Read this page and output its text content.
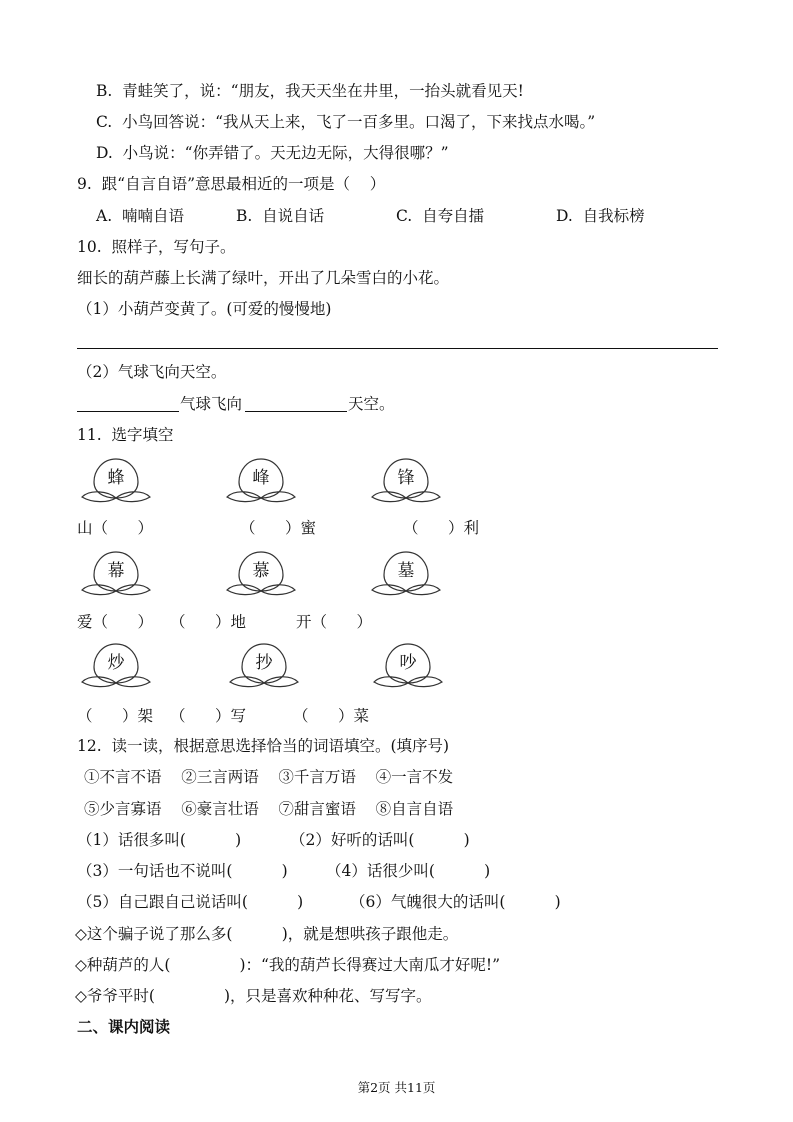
B.  青蛙笑了，说：“朋友，我天天坐在井里，一抬头就看见天!
C.  小鸟回答说：“我从天上来，飞了一百多里。口渴了，下来找点水喝。”
D.  小鸟说：“你弄错了。天无边无际，大得很哪？”
9.  跟“自言自语”意思最相近的一项是（    ）
A.  喃喃自语	B.  自说自话	C.  自夸自擂	D.  自我标榜
10.  照样子，写句子。
细长的葫芦藤上长满了绿叶，开出了几朵雪白的小花。
（1）小葫芦变黄了。(可爱的慢慢地)
（2）气球飞向天空。
气球飞向	天空。
11.  选字填空
蜂	峰	锋
山（      ）	（      ）蜜	（      ）利
幕	慕	墓
爱（      ） （      ）地	开（      ）
炒	抄	吵
（      ）架 （      ）写	（      ）菜
12.  读一读，根据意思选择恰当的词语填空。(填序号)
①不言不语    ②三言两语    ③千言万语    ④一言不发
⑤少言寡语    ⑥豪言壮语    ⑦甜言蜜语    ⑧自言自语
（1）话很多叫(          )	（2）好听的话叫(          )
（3）一句话也不说叫(          ) （4）话很少叫(          )
（5）自己跟自己说话叫(          )	（6）气魄很大的话叫(          )
◇这个骗子说了那么多(          )，就是想哄孩子跟他走。
◇种葫芦的人(              )：“我的葫芦长得赛过大南瓜才好呢!”
◇爷爷平时(              )，只是喜欢种种花、写写字。
二、课内阅读
第2页 共11页
